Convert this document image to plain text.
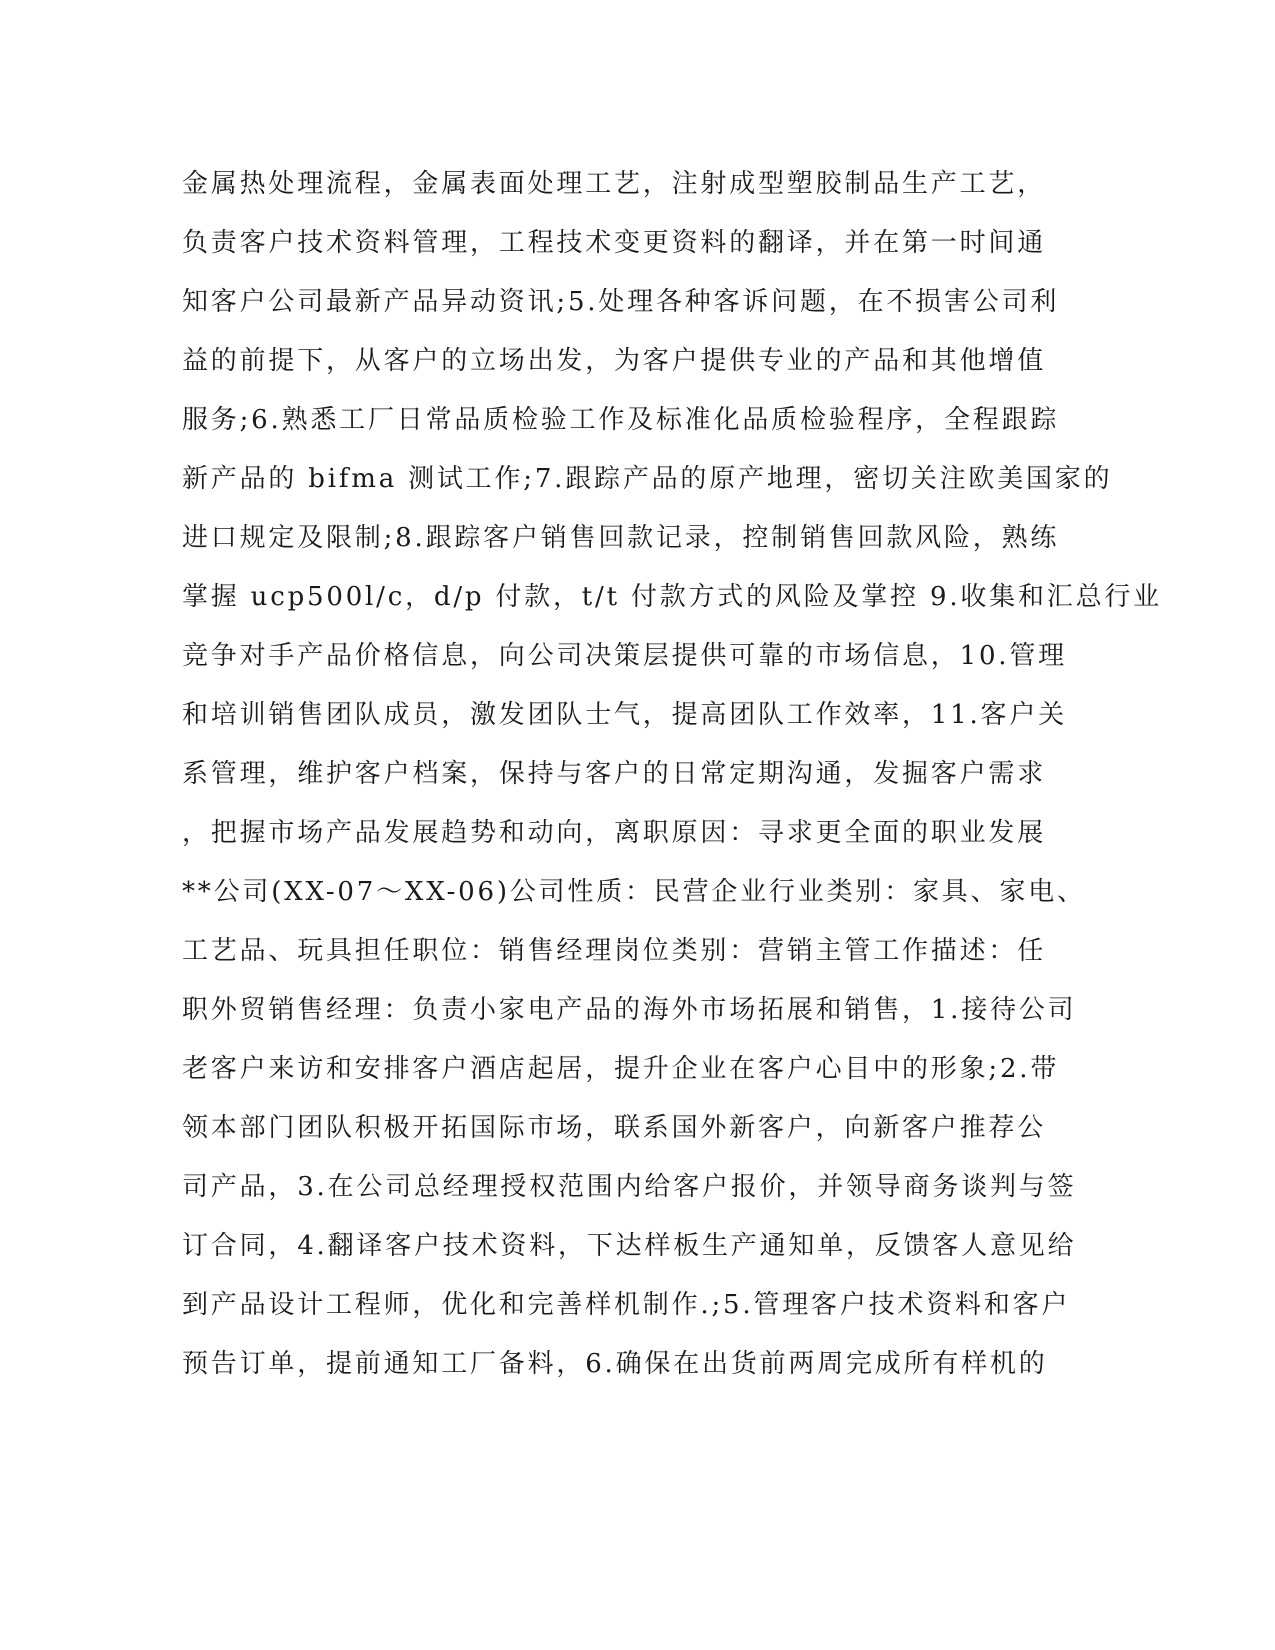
金属热处理流程，金属表面处理工艺，注射成型塑胶制品生产工艺，
负责客户技术资料管理，工程技术变更资料的翻译，并在第一时间通
知客户公司最新产品异动资讯;5.处理各种客诉问题，在不损害公司利
益的前提下，从客户的立场出发，为客户提供专业的产品和其他增值
服务;6.熟悉工厂日常品质检验工作及标准化品质检验程序，全程跟踪
新产品的 bifma 测试工作;7.跟踪产品的原产地理，密切关注欧美国家的
进口规定及限制;8.跟踪客户销售回款记录，控制销售回款风险，熟练
掌握 ucp500l/c，d/p 付款，t/t 付款方式的风险及掌控 9.收集和汇总行业
竞争对手产品价格信息，向公司决策层提供可靠的市场信息，10.管理
和培训销售团队成员，激发团队士气，提高团队工作效率，11.客户关
系管理，维护客户档案，保持与客户的日常定期沟通，发掘客户需求
，把握市场产品发展趋势和动向，离职原因：寻求更全面的职业发展
**公司(XX-07～XX-06)公司性质：民营企业行业类别：家具、家电、
工艺品、玩具担任职位：销售经理岗位类别：营销主管工作描述：任
职外贸销售经理：负责小家电产品的海外市场拓展和销售，1.接待公司
老客户来访和安排客户酒店起居，提升企业在客户心目中的形象;2.带
领本部门团队积极开拓国际市场，联系国外新客户，向新客户推荐公
司产品，3.在公司总经理授权范围内给客户报价，并领导商务谈判与签
订合同，4.翻译客户技术资料，下达样板生产通知单，反馈客人意见给
到产品设计工程师，优化和完善样机制作.;5.管理客户技术资料和客户
预告订单，提前通知工厂备料，6.确保在出货前两周完成所有样机的
